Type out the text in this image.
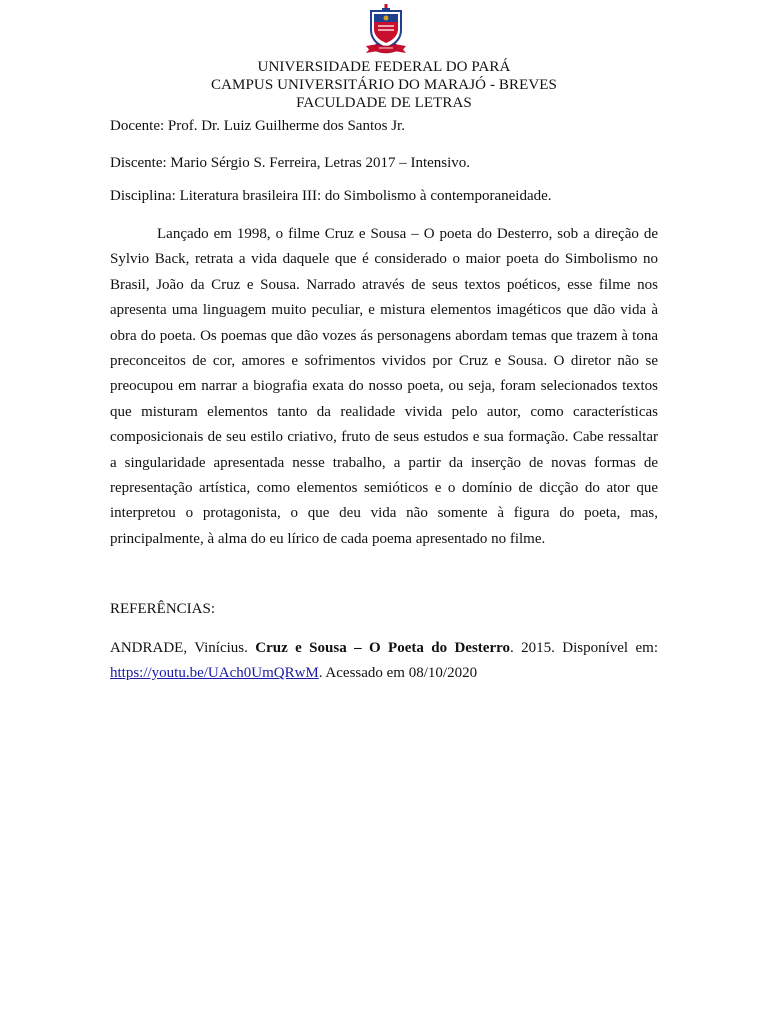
UNIVERSIDADE FEDERAL DO PARÁ
CAMPUS UNIVERSITÁRIO DO MARAJÓ - BREVES
FACULDADE DE LETRAS
Docente: Prof. Dr. Luiz Guilherme dos Santos Jr.
Discente: Mario Sérgio S. Ferreira, Letras 2017 – Intensivo.
Disciplina: Literatura brasileira III: do Simbolismo à contemporaneidade.

Lançado em 1998, o filme Cruz e Sousa – O poeta do Desterro, sob a direção de Sylvio Back, retrata a vida daquele que é considerado o maior poeta do Simbolismo no Brasil, João da Cruz e Sousa. Narrado através de seus textos poéticos, esse filme nos apresenta uma linguagem muito peculiar, e mistura elementos imagéticos que dão vida à obra do poeta. Os poemas que dão vozes ás personagens abordam temas que trazem à tona preconceitos de cor, amores e sofrimentos vividos por Cruz e Sousa. O diretor não se preocupou em narrar a biografia exata do nosso poeta, ou seja, foram selecionados textos que misturam elementos tanto da realidade vivida pelo autor, como características composicionais de seu estilo criativo, fruto de seus estudos e sua formação. Cabe ressaltar a singularidade apresentada nesse trabalho, a partir da inserção de novas formas de representação artística, como elementos semióticos e o domínio de dicção do ator que interpretou o protagonista, o que deu vida não somente à figura do poeta, mas, principalmente, à alma do eu lírico de cada poema apresentado no filme.

REFERÊNCIAS:

ANDRADE, Vinícius. Cruz e Sousa – O Poeta do Desterro. 2015. Disponível em: https://youtu.be/UAch0UmQRwM. Acessado em 08/10/2020
